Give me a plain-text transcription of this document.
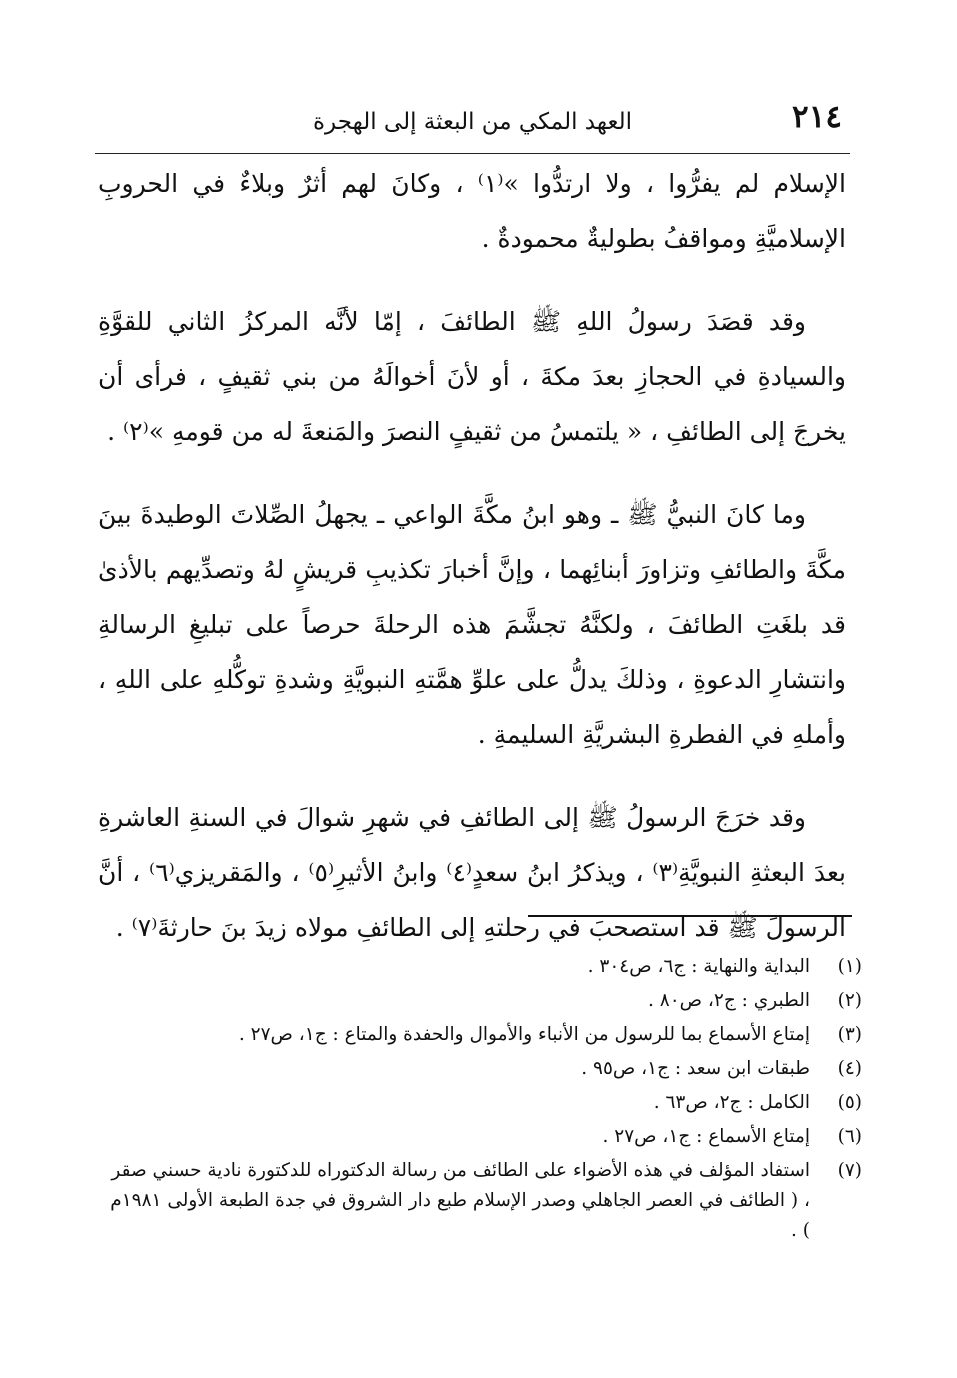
٢١٤
العهد المكي من البعثة إلى الهجرة

الإسلام لم يفرُّوا ، ولا ارتدُّوا »⁽١⁾ ، وكانَ لهم أثرٌ وبلاءٌ في الحروبِ الإسلاميَّةِ ومواقفُ بطوليةٌ محمودةٌ .

وقد قصَدَ رسولُ اللهِ ﷺ الطائفَ ، إمّا لأنَّه المركزُ الثاني للقوَّةِ والسيادةِ في الحجازِ بعدَ مكةَ ، أو لأنَ أخوالَهُ من بني ثقيفٍ ، فرأى أن يخرجَ إلى الطائفِ ، « يلتمسُ من ثقيفٍ النصرَ والمَنعةَ له من قومهِ »⁽٢⁾ .

وما كانَ النبيُّ ﷺ ـ وهو ابنُ مكَّةَ الواعي ـ يجهلُ الصِّلاتَ الوطيدةَ بينَ مكَّةَ والطائفِ وتزاورَ أبنائِهما ، وإنَّ أخبارَ تكذيبِ قريشٍ لهُ وتصدِّيهم بالأذىٰ قد بلغَتِ الطائفَ ، ولكنَّهُ تجشَّمَ هذه الرحلةَ حرصاً على تبليغِ الرسالةِ وانتشارِ الدعوةِ ، وذلكَ يدلُّ على علوِّ همَّتهِ النبويَّةِ وشدةِ توكُّلهِ على اللهِ ، وأملهِ في الفطرةِ البشريَّةِ السليمةِ .

وقد خرَجَ الرسولُ ﷺ إلى الطائفِ في شهرِ شوالَ في السنةِ العاشرةِ بعدَ البعثةِ النبويَّةِ⁽٣⁾ ، ويذكرُ ابنُ سعدٍ⁽٤⁾ وابنُ الأثيرِ⁽٥⁾ ، والمَقريزي⁽٦⁾ ، أنَّ الرسولَ ﷺ قد استصحبَ في رحلتهِ إلى الطائفِ مولاه زيدَ بنَ حارثةَ⁽٧⁾ .

(١)
البداية والنهاية : ج٦، ص٣٠٤ .
(٢)
الطبري : ج٢، ص٨٠ .
(٣)
إمتاع الأسماع بما للرسول من الأنباء والأموال والحفدة والمتاع : ج١، ص٢٧ .
(٤)
طبقات ابن سعد : ج١، ص٩٥ .
(٥)
الكامل : ج٢، ص٦٣ .
(٦)
إمتاع الأسماع : ج١، ص٢٧ .
(٧)
استفاد المؤلف في هذه الأضواء على الطائف من رسالة الدكتوراه للدكتورة نادية حسني صقر ، ( الطائف في العصر الجاهلي وصدر الإسلام طبع دار الشروق في جدة الطبعة الأولى ١٩٨١م ) .
